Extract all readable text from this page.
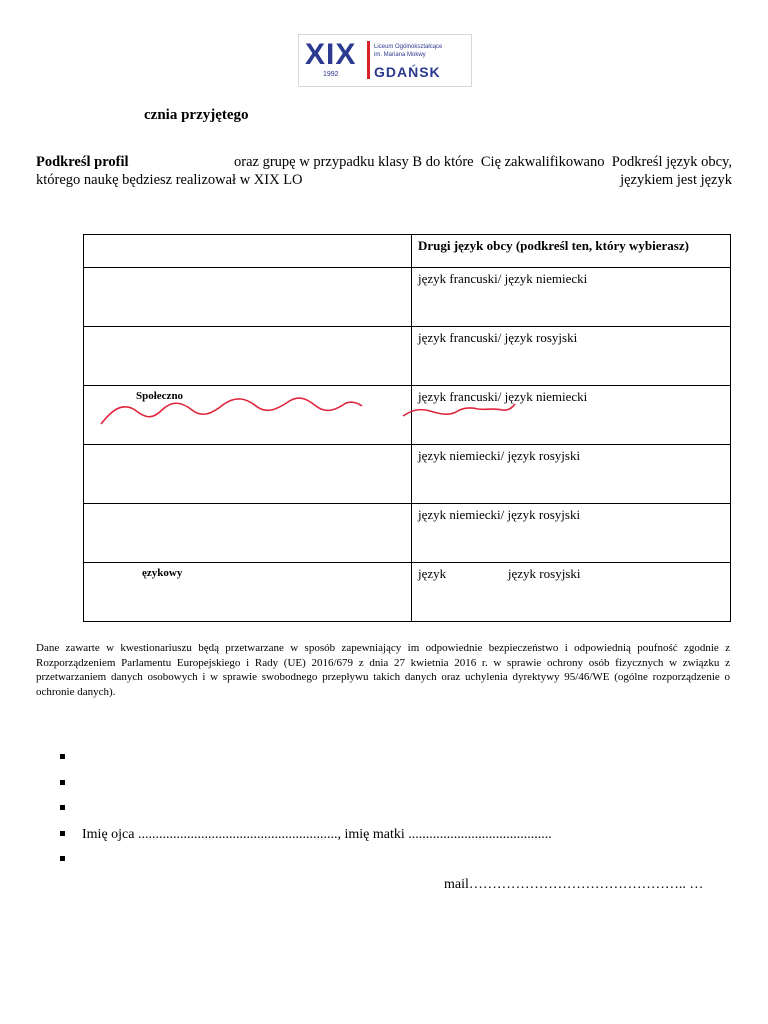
XIX
1992
Liceum Ogólnokształcące
im. Mariana Mokwy
GDAŃSK
czniа przyjętego
Podkreśl profil	oraz grupę w przypadku klasy B do które  Cię zakwalifikowano  Podkreśl język obcy,
którego naukę będziesz realizował w XIX LO	językiem jest język
	Drugi język obcy (podkreśl ten, który wybierasz)

	język francuski/ język niemiecki

	język francuski/ język rosyjski

Społeczno	język francuski/ język niemiecki

	język niemiecki/ język rosyjski

	język niemiecki/ język rosyjski

ęzykowy	język                   język rosyjski
Dane zawarte w kwestionariuszu będą przetwarzane w sposób zapewniający im odpowiednie bezpieczeństwo i odpowiednią poufność zgodnie z Rozporządzeniem Parlamentu Europejskiego i Rady (UE) 2016/679 z dnia 27 kwietnia 2016 r. w sprawie ochrony osób fizycznych w związku z przetwarzaniem danych osobowych i w sprawie swobodnego przepływu takich danych oraz uchylenia dyrektywy 95/46/WE (ogólne rozporządzenie o ochronie danych).
Imię ojca ........................................................., imię matki .........................................
mail……………………………………….. …
